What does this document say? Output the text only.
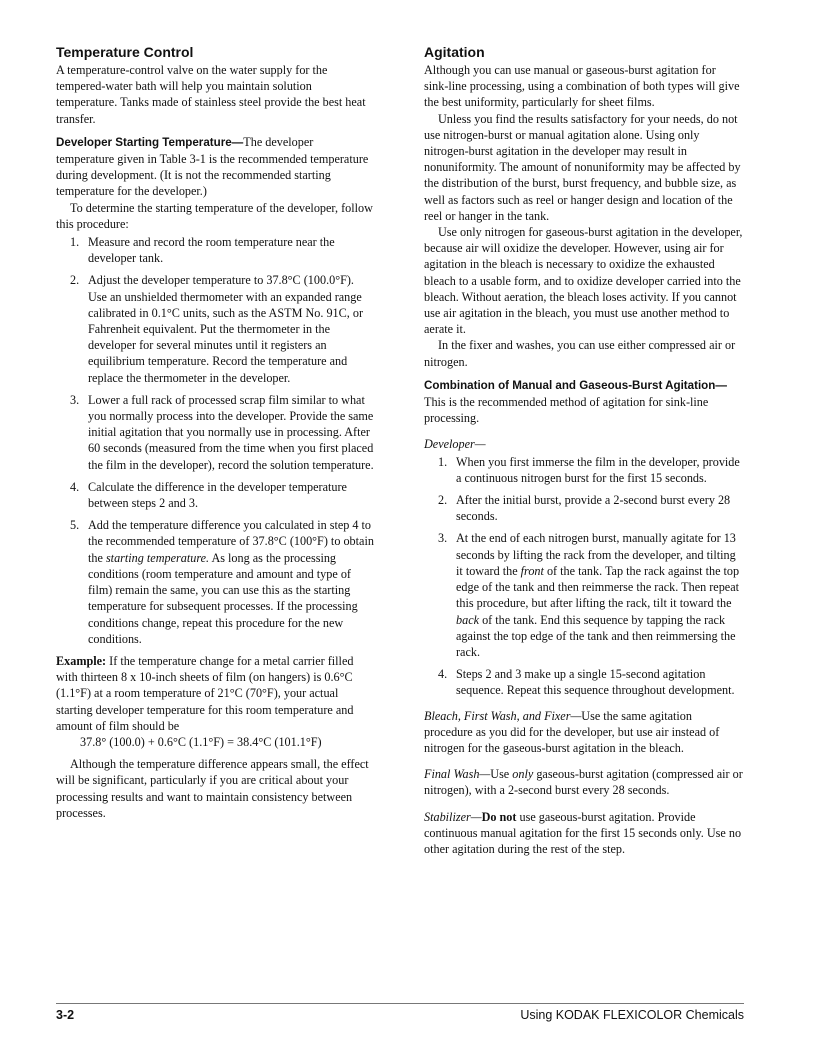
Temperature Control

A temperature-control valve on the water supply for the tempered-water bath will help you maintain solution temperature. Tanks made of stainless steel provide the best heat transfer.

Developer Starting Temperature—The developer temperature given in Table 3-1 is the recommended temperature during development. (It is not the recommended starting temperature for the developer.)

To determine the starting temperature of the developer, follow this procedure:

1. Measure and record the room temperature near the developer tank.
2. Adjust the developer temperature to 37.8°C (100.0°F). Use an unshielded thermometer with an expanded range calibrated in 0.1°C units, such as the ASTM No. 91C, or Fahrenheit equivalent. Put the thermometer in the developer for several minutes until it registers an equilibrium temperature. Record the temperature and replace the thermometer in the developer.
3. Lower a full rack of processed scrap film similar to what you normally process into the developer. Provide the same initial agitation that you normally use in processing. After 60 seconds (measured from the time when you first placed the film in the developer), record the solution temperature.
4. Calculate the difference in the developer temperature between steps 2 and 3.
5. Add the temperature difference you calculated in step 4 to the recommended temperature of 37.8°C (100°F) to obtain the starting temperature. As long as the processing conditions (room temperature and amount and type of film) remain the same, you can use this as the starting temperature for subsequent processes. If the processing conditions change, repeat this procedure for the new conditions.

Example: If the temperature change for a metal carrier filled with thirteen 8 x 10-inch sheets of film (on hangers) is 0.6°C (1.1°F) at a room temperature of 21°C (70°F), your actual starting developer temperature for this room temperature and amount of film should be

37.8° (100.0) + 0.6°C (1.1°F) = 38.4°C (101.1°F)

Although the temperature difference appears small, the effect will be significant, particularly if you are critical about your processing results and want to maintain consistency between processes.

Agitation

Although you can use manual or gaseous-burst agitation for sink-line processing, using a combination of both types will give the best uniformity, particularly for sheet films.

Unless you find the results satisfactory for your needs, do not use nitrogen-burst or manual agitation alone. Using only nitrogen-burst agitation in the developer may result in nonuniformity. The amount of nonuniformity may be affected by the distribution of the burst, burst frequency, and bubble size, as well as factors such as reel or hanger design and location of the reel or hanger in the tank.

Use only nitrogen for gaseous-burst agitation in the developer, because air will oxidize the developer. However, using air for agitation in the bleach is necessary to oxidize the exhausted bleach to a usable form, and to oxidize developer carried into the bleach. Without aeration, the bleach loses activity. If you cannot use air agitation in the bleach, you must use another method to aerate it.

In the fixer and washes, you can use either compressed air or nitrogen.

Combination of Manual and Gaseous-Burst Agitation—This is the recommended method of agitation for sink-line processing.

Developer—

1. When you first immerse the film in the developer, provide a continuous nitrogen burst for the first 15 seconds.
2. After the initial burst, provide a 2-second burst every 28 seconds.
3. At the end of each nitrogen burst, manually agitate for 13 seconds by lifting the rack from the developer, and tilting it toward the front of the tank. Tap the rack against the top edge of the tank and then reimmerse the rack. Then repeat this procedure, but after lifting the rack, tilt it toward the back of the tank. End this sequence by tapping the rack against the top edge of the tank and then reimmersing the rack.
4. Steps 2 and 3 make up a single 15-second agitation sequence. Repeat this sequence throughout development.

Bleach, First Wash, and Fixer—Use the same agitation procedure as you did for the developer, but use air instead of nitrogen for the gaseous-burst agitation in the bleach.

Final Wash—Use only gaseous-burst agitation (compressed air or nitrogen), with a 2-second burst every 28 seconds.

Stabilizer—Do not use gaseous-burst agitation. Provide continuous manual agitation for the first 15 seconds only. Use no other agitation during the rest of the step.

3-2	Using KODAK FLEXICOLOR Chemicals
